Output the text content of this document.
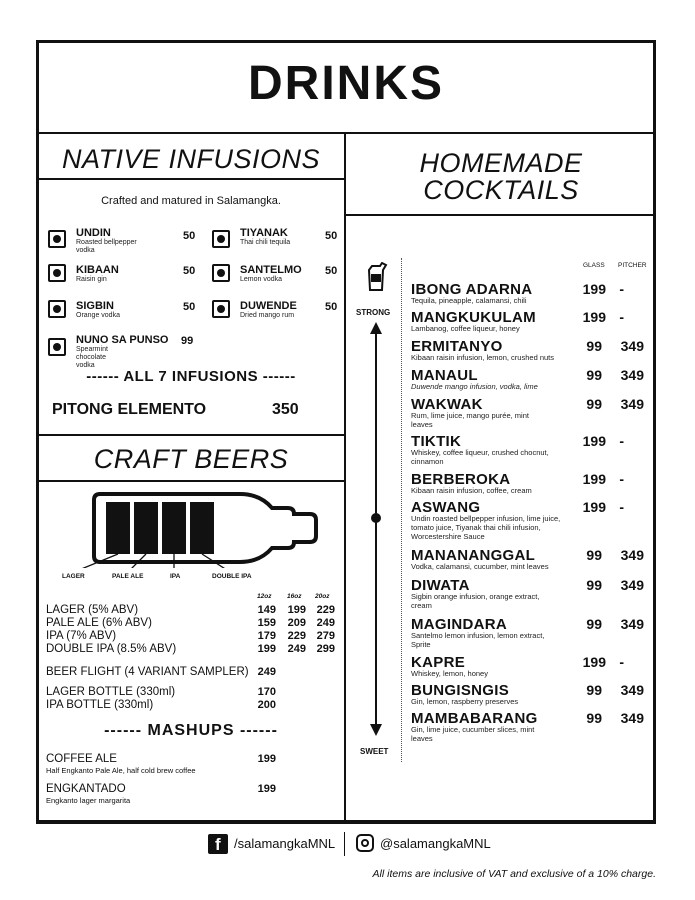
DRINKS
NATIVE INFUSIONS
Crafted and matured in Salamangka.
UNDIN
Roasted bellpepper vodka
50
KIBAAN
Raisin gin
50
SIGBIN
Orange vodka
50
NUNO SA PUNSO
Spearmint chocolate vodka
99
TIYANAK
Thai chili tequila
50
SANTELMO
Lemon vodka
50
DUWENDE
Dried mango rum
50
------ ALL 7 INFUSIONS ------
PITONG ELEMENTO	350
CRAFT BEERS
LAGER	PALE ALE	IPA	DOUBLE IPA
12oz 16oz 20oz
LAGER (5% ABV)	149	199 229
PALE ALE (6% ABV)	159	209 249
IPA (7% ABV)	179	229 279
DOUBLE IPA (8.5% ABV)	199	249 299
BEER FLIGHT (4 VARIANT SAMPLER) 249
LAGER BOTTLE (330ml)	170
IPA BOTTLE (330ml)	200
------ MASHUPS ------
COFFEE ALE
Half Engkanto Pale Ale, half cold brew coffee
199
ENGKANTADO
Engkanto lager margarita
199
HOMEMADE
COCKTAILS
GLASS PITCHER
STRONG
SWEET
IBONG ADARNA
Tequila, pineapple, calamansi, chili
199 -
MANGKUKULAM
Lambanog, coffee liqueur, honey
199 -
ERMITANYO
Kibaan raisin infusion, lemon, crushed nuts
99	349
MANAUL
Duwende mango infusion, vodka, lime
99	349
WAKWAK
Rum, lime juice, mango purée, mint leaves
99	349
TIKTIK
Whiskey, coffee liqueur, crushed chocnut, cinnamon
199 -
BERBEROKA
Kibaan raisin infusion, coffee, cream
199 -
ASWANG
Undin roasted bellpepper infusion, lime juice, tomato juice, Tiyanak thai chili infusion, Worcestershire Sauce
199 -
MANANANGGAL
Vodka, calamansi, cucumber, mint leaves
99	349
DIWATA
Sigbin orange infusion, orange extract, cream
99	349
MAGINDARA
Santelmo lemon infusion, lemon extract, Sprite
99	349
KAPRE
Whiskey, lemon, honey
199 -
BUNGISNGIS
Gin, lemon, raspberry preserves
99	349
MAMBABARANG
Gin, lime juice, cucumber slices, mint leaves
99	349
f /salamangkaMNL	@salamangkaMNL
All items are inclusive of VAT and exclusive of a 10% charge.
